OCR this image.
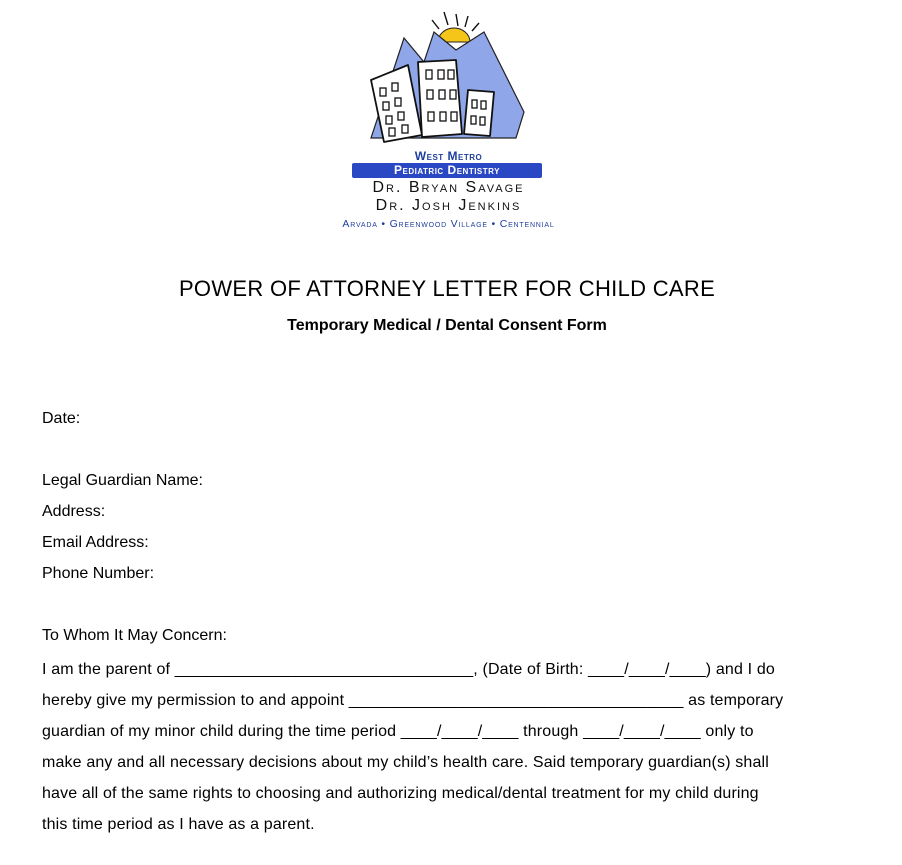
West Metro
Pediatric Dentistry
Dr. Bryan Savage
Dr. Josh Jenkins
Arvada • Greenwood Village • Centennial
POWER OF ATTORNEY LETTER FOR CHILD CARE
Temporary Medical / Dental Consent Form
Date:
Legal Guardian Name:
Address:
Email Address:
Phone Number:
To Whom It May Concern:
I am the parent of _________________________________, (Date of Birth: ____/____/____) and I do
hereby give my permission to and appoint _____________________________________ as temporary
guardian of my minor child during the time period ____/____/____ through ____/____/____ only to
make any and all necessary decisions about my child’s health care. Said temporary guardian(s) shall
have all of the same rights to choosing and authorizing medical/dental treatment for my child during
this time period as I have as a parent.
